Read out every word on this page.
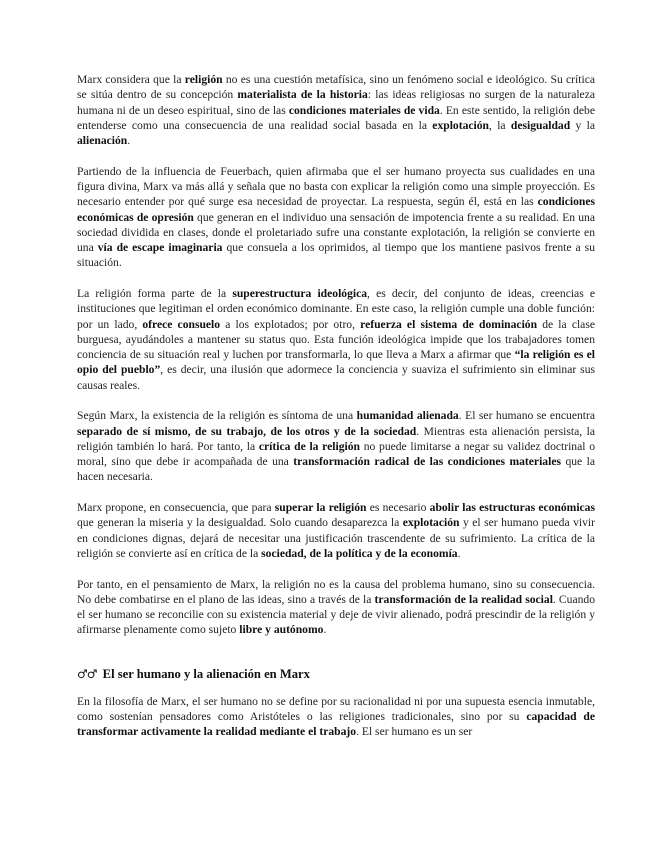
Marx considera que la religión no es una cuestión metafísica, sino un fenómeno social e ideológico. Su crítica se sitúa dentro de su concepción materialista de la historia: las ideas religiosas no surgen de la naturaleza humana ni de un deseo espiritual, sino de las condiciones materiales de vida. En este sentido, la religión debe entenderse como una consecuencia de una realidad social basada en la explotación, la desigualdad y la alienación.

Partiendo de la influencia de Feuerbach, quien afirmaba que el ser humano proyecta sus cualidades en una figura divina, Marx va más allá y señala que no basta con explicar la religión como una simple proyección. Es necesario entender por qué surge esa necesidad de proyectar. La respuesta, según él, está en las condiciones económicas de opresión que generan en el individuo una sensación de impotencia frente a su realidad. En una sociedad dividida en clases, donde el proletariado sufre una constante explotación, la religión se convierte en una vía de escape imaginaria que consuela a los oprimidos, al tiempo que los mantiene pasivos frente a su situación.

La religión forma parte de la superestructura ideológica, es decir, del conjunto de ideas, creencias e instituciones que legitiman el orden económico dominante. En este caso, la religión cumple una doble función: por un lado, ofrece consuelo a los explotados; por otro, refuerza el sistema de dominación de la clase burguesa, ayudándoles a mantener su status quo. Esta función ideológica impide que los trabajadores tomen conciencia de su situación real y luchen por transformarla, lo que lleva a Marx a afirmar que “la religión es el opio del pueblo”, es decir, una ilusión que adormece la conciencia y suaviza el sufrimiento sin eliminar sus causas reales.

Según Marx, la existencia de la religión es síntoma de una humanidad alienada. El ser humano se encuentra separado de sí mismo, de su trabajo, de los otros y de la sociedad. Mientras esta alienación persista, la religión también lo hará. Por tanto, la crítica de la religión no puede limitarse a negar su validez doctrinal o moral, sino que debe ir acompañada de una transformación radical de las condiciones materiales que la hacen necesaria.

Marx propone, en consecuencia, que para superar la religión es necesario abolir las estructuras económicas que generan la miseria y la desigualdad. Solo cuando desaparezca la explotación y el ser humano pueda vivir en condiciones dignas, dejará de necesitar una justificación trascendente de su sufrimiento. La crítica de la religión se convierte así en crítica de la sociedad, de la política y de la economía.

Por tanto, en el pensamiento de Marx, la religión no es la causa del problema humano, sino su consecuencia. No debe combatirse en el plano de las ideas, sino a través de la transformación de la realidad social. Cuando el ser humano se reconcilie con su existencia material y deje de vivir alienado, podrá prescindir de la religión y afirmarse plenamente como sujeto libre y autónomo.

♂♂ El ser humano y la alienación en Marx

En la filosofía de Marx, el ser humano no se define por su racionalidad ni por una supuesta esencia inmutable, como sostenían pensadores como Aristóteles o las religiones tradicionales, sino por su capacidad de transformar activamente la realidad mediante el trabajo. El ser humano es un ser
